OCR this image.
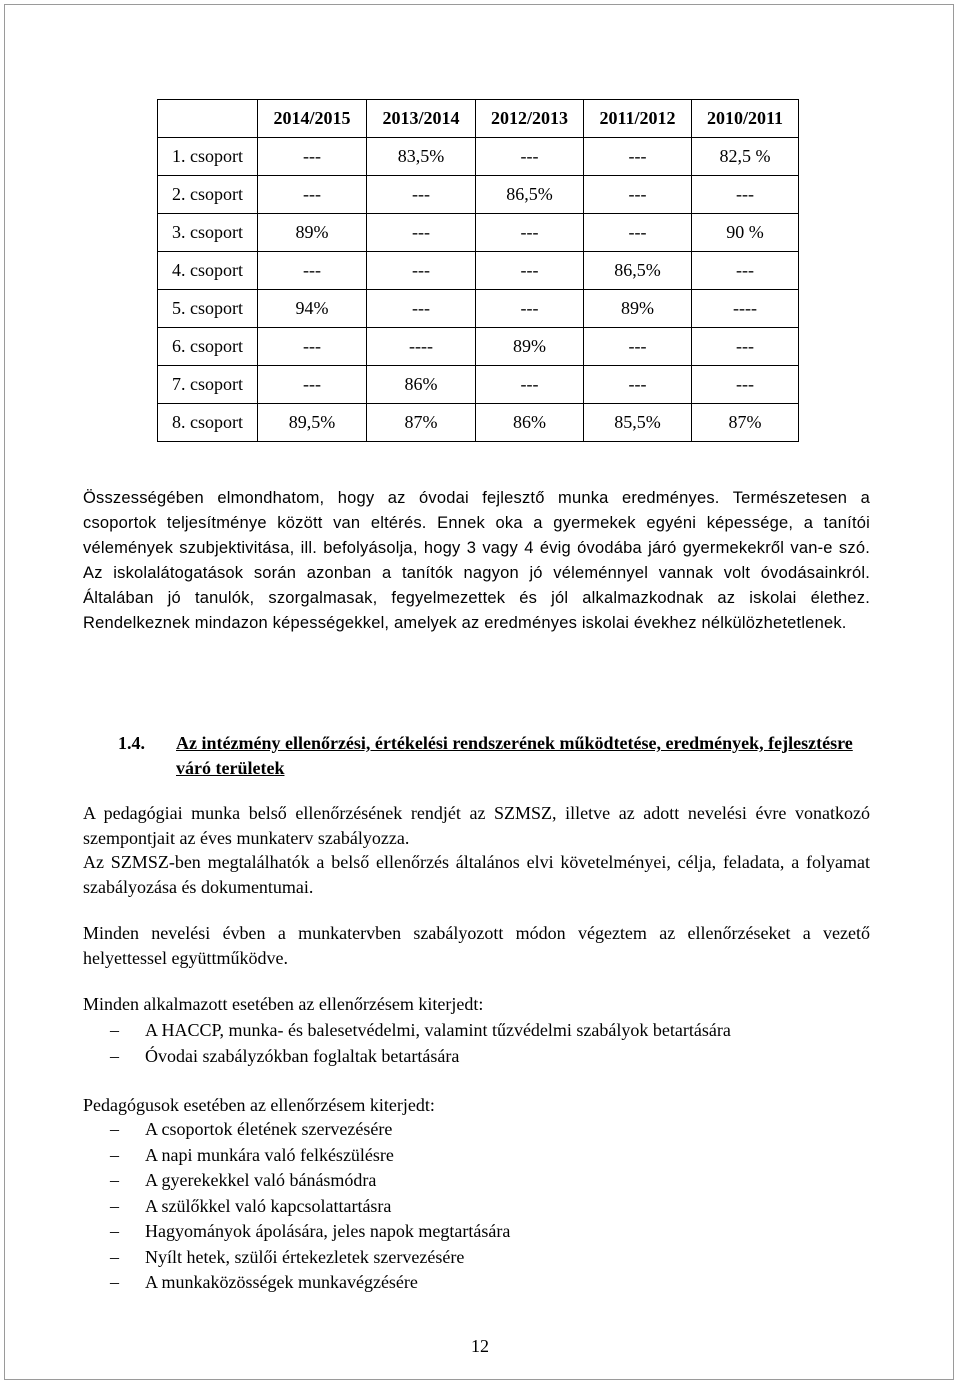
	2014/2015	2013/2014	2012/2013	2011/2012	2010/2011
1. csoport	---	83,5%	---	---	82,5 %
2. csoport	---	---	86,5%	---	---
3. csoport	89%	---	---	---	90 %
4. csoport	---	---	---	86,5%	---
5. csoport	94%	---	---	89%	----
6. csoport	---	----	89%	---	---
7. csoport	---	86%	---	---	---
8. csoport	89,5%	87%	86%	85,5%	87%
Összességében elmondhatom, hogy az óvodai fejlesztő munka eredményes. Természetesen a csoportok teljesítménye között van eltérés. Ennek oka a gyermekek egyéni képessége, a tanítói vélemények szubjektivitása, ill. befolyásolja, hogy 3 vagy 4 évig óvodába járó gyermekekről van-e szó. Az iskolalátogatások során azonban a tanítók nagyon jó véleménnyel vannak volt óvodásainkról. Általában jó tanulók, szorgalmasak, fegyelmezettek és jól alkalmazkodnak az iskolai élethez. Rendelkeznek mindazon képességekkel, amelyek az eredményes iskolai évekhez nélkülözhetetlenek.
1.4. Az intézmény ellenőrzési, értékelési rendszerének működtetése, eredmények, fejlesztésre váró területek
A pedagógiai munka belső ellenőrzésének rendjét az SZMSZ, illetve az adott nevelési évre vonatkozó szempontjait az éves munkaterv szabályozza.
Az SZMSZ-ben megtalálhatók a belső ellenőrzés általános elvi követelményei, célja, feladata, a folyamat szabályozása és dokumentumai.
Minden nevelési évben a munkatervben szabályozott módon végeztem az ellenőrzéseket a vezető helyettessel együttműködve.
Minden alkalmazott esetében az ellenőrzésem kiterjedt:
– A HACCP, munka- és balesetvédelmi, valamint tűzvédelmi szabályok betartására
– Óvodai szabályzókban foglaltak betartására
Pedagógusok esetében az ellenőrzésem kiterjedt:
– A csoportok életének szervezésére
– A napi munkára való felkészülésre
– A gyerekekkel való bánásmódra
– A szülőkkel való kapcsolattartásra
– Hagyományok ápolására, jeles napok megtartására
– Nyílt hetek, szülői értekezletek szervezésére
– A munkaközösségek munkavégzésére
12
